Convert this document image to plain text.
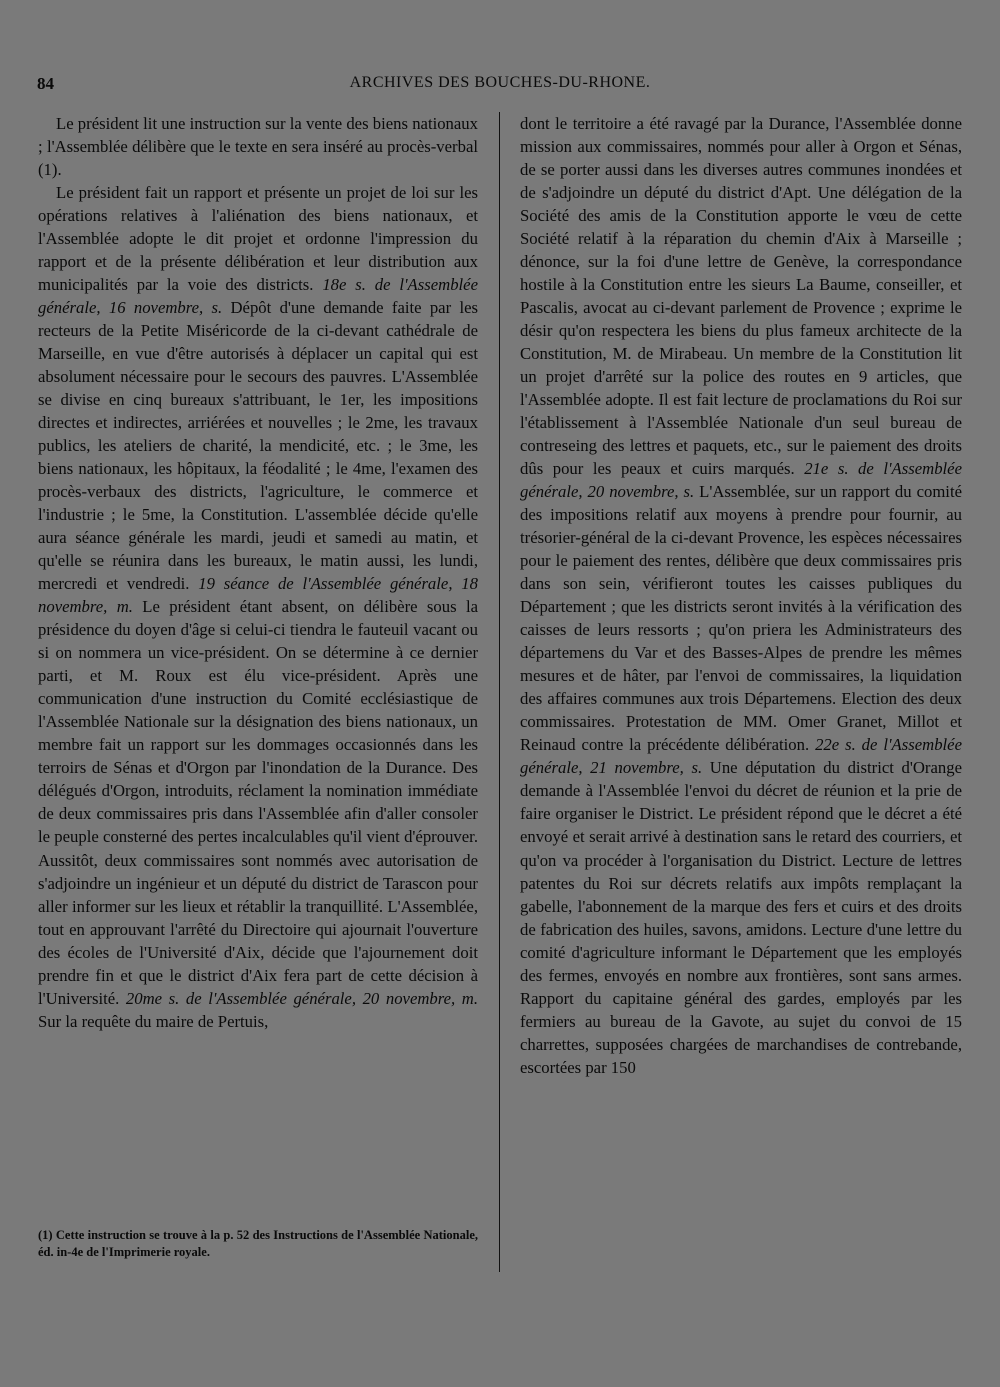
84	ARCHIVES DES BOUCHES-DU-RHONE.

Le président lit une instruction sur la vente des biens nationaux ; l'Assemblée délibère que le texte en sera inséré au procès-verbal (1).

Le président fait un rapport et présente un projet de loi sur les opérations relatives à l'aliénation des biens nationaux, et l'Assemblée adopte le dit projet et ordonne l'impression du rapport et de la présente délibération et leur distribution aux municipalités par la voie des districts. 18e s. de l'Assemblée générale, 16 novembre, s. Dépôt d'une demande faite par les recteurs de la Petite Miséricorde de la ci-devant cathédrale de Marseille, en vue d'être autorisés à déplacer un capital qui est absolument nécessaire pour le secours des pauvres. L'Assemblée se divise en cinq bureaux s'attribuant, le 1er, les impositions directes et indirectes, arriérées et nouvelles ; le 2me, les travaux publics, les ateliers de charité, la mendicité, etc. ; le 3me, les biens nationaux, les hôpitaux, la féodalité ; le 4me, l'examen des procès-verbaux des districts, l'agriculture, le commerce et l'industrie ; le 5me, la Constitution. L'assemblée décide qu'elle aura séance générale les mardi, jeudi et samedi au matin, et qu'elle se réunira dans les bureaux, le matin aussi, les lundi, mercredi et vendredi. 19 séance de l'Assemblée générale, 18 novembre, m. Le président étant absent, on délibère sous la présidence du doyen d'âge si celui-ci tiendra le fauteuil vacant ou si on nommera un vice-président. On se détermine à ce dernier parti, et M. Roux est élu vice-président. Après une communication d'une instruction du Comité ecclésiastique de l'Assemblée Nationale sur la désignation des biens nationaux, un membre fait un rapport sur les dommages occasionnés dans les terroirs de Sénas et d'Orgon par l'inondation de la Durance. Des délégués d'Orgon, introduits, réclament la nomination immédiate de deux commissaires pris dans l'Assemblée afin d'aller consoler le peuple consterné des pertes incalculables qu'il vient d'éprouver. Aussitôt, deux commissaires sont nommés avec autorisation de s'adjoindre un ingénieur et un député du district de Tarascon pour aller informer sur les lieux et rétablir la tranquillité. L'Assemblée, tout en approuvant l'arrêté du Directoire qui ajournait l'ouverture des écoles de l'Université d'Aix, décide que l'ajournement doit prendre fin et que le district d'Aix fera part de cette décision à l'Université. 20me s. de l'Assemblée générale, 20 novembre, m. Sur la requête du maire de Pertuis,

dont le territoire a été ravagé par la Durance, l'Assemblée donne mission aux commissaires, nommés pour aller à Orgon et Sénas, de se porter aussi dans les diverses autres communes inondées et de s'adjoindre un député du district d'Apt. Une délégation de la Société des amis de la Constitution apporte le vœu de cette Société relatif à la réparation du chemin d'Aix à Marseille ; dénonce, sur la foi d'une lettre de Genève, la correspondance hostile à la Constitution entre les sieurs La Baume, conseiller, et Pascalis, avocat au ci-devant parlement de Provence ; exprime le désir qu'on respectera les biens du plus fameux architecte de la Constitution, M. de Mirabeau. Un membre de la Constitution lit un projet d'arrêté sur la police des routes en 9 articles, que l'Assemblée adopte. Il est fait lecture de proclamations du Roi sur l'établissement à l'Assemblée Nationale d'un seul bureau de contreseing des lettres et paquets, etc., sur le paiement des droits dûs pour les peaux et cuirs marqués. 21e s. de l'Assemblée générale, 20 novembre, s. L'Assemblée, sur un rapport du comité des impositions relatif aux moyens à prendre pour fournir, au trésorier-général de la ci-devant Provence, les espèces nécessaires pour le paiement des rentes, délibère que deux commissaires pris dans son sein, vérifieront toutes les caisses publiques du Département ; que les districts seront invités à la vérification des caisses de leurs ressorts ; qu'on priera les Administrateurs des départemens du Var et des Basses-Alpes de prendre les mêmes mesures et de hâter, par l'envoi de commissaires, la liquidation des affaires communes aux trois Départemens. Election des deux commissaires. Protestation de MM. Omer Granet, Millot et Reinaud contre la précédente délibération. 22e s. de l'Assemblée générale, 21 novembre, s. Une députation du district d'Orange demande à l'Assemblée l'envoi du décret de réunion et la prie de faire organiser le District. Le président répond que le décret a été envoyé et serait arrivé à destination sans le retard des courriers, et qu'on va procéder à l'organisation du District. Lecture de lettres patentes du Roi sur décrets relatifs aux impôts remplaçant la gabelle, l'abonnement de la marque des fers et cuirs et des droits de fabrication des huiles, savons, amidons. Lecture d'une lettre du comité d'agriculture informant le Département que les employés des fermes, envoyés en nombre aux frontières, sont sans armes. Rapport du capitaine général des gardes, employés par les fermiers au bureau de la Gavote, au sujet du convoi de 15 charrettes, supposées chargées de marchandises de contrebande, escortées par 150

(1) Cette instruction se trouve à la p. 52 des Instructions de l'Assemblée Nationale, éd. in-4e de l'Imprimerie royale.
